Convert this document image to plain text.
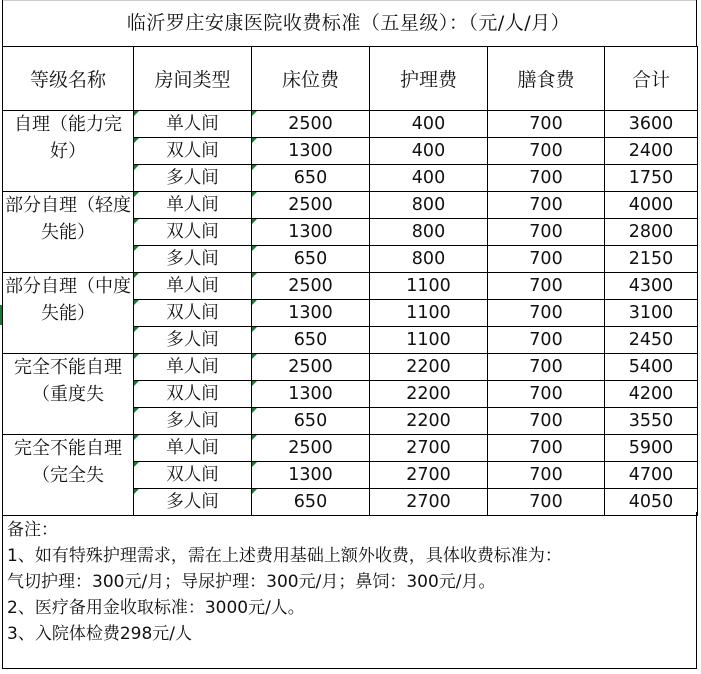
临沂罗庄安康医院收费标准（五星级）：（元/人/月）
等级名称	房间类型	床位费	护理费	膳食费	合计
自理（能力完好）	单人间	2500	400	700	3600
	双人间	1300	400	700	2400
	多人间	650	400	700	1750
部分自理（轻度失能）	单人间	2500	800	700	4000
	双人间	1300	800	700	2800
	多人间	650	800	700	2150
部分自理（中度失能）	单人间	2500	1100	700	4300
	双人间	1300	1100	700	3100
	多人间	650	1100	700	2450
完全不能自理（重度失	单人间	2500	2200	700	5400
	双人间	1300	2200	700	4200
	多人间	650	2200	700	3550
完全不能自理（完全失	单人间	2500	2700	700	5900
	双人间	1300	2700	700	4700
	多人间	650	2700	700	4050

备注：

1、如有特殊护理需求，需在上述费用基础上额外收费，具体收费标准为：

气切护理：300元/月；导尿护理：300元/月；鼻饲：300元/月。

2、医疗备用金收取标准：3000元/人。

3、入院体检费298元/人
